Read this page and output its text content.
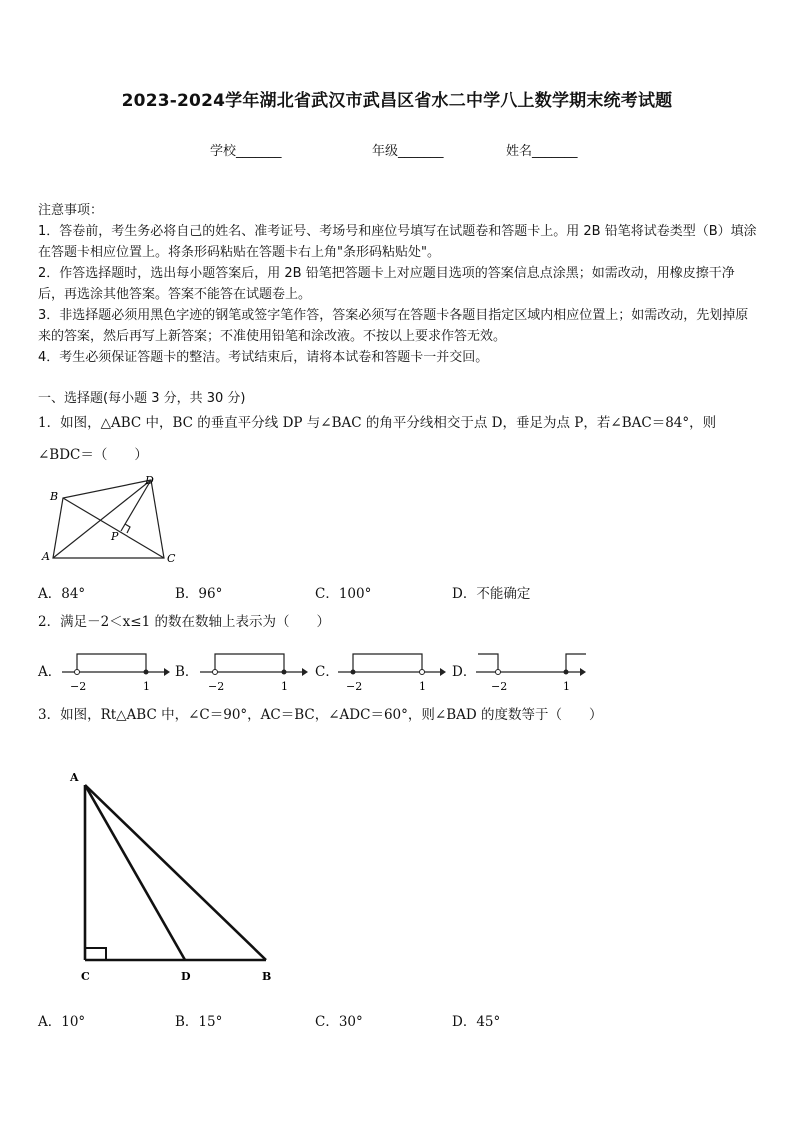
2023-2024学年湖北省武汉市武昌区省水二中学八上数学期末统考试题
学校_______	年级_______	姓名_______

注意事项：

1．答卷前，考生务必将自己的姓名、准考证号、考场号和座位号填写在试题卷和答题卡上。用 2B 铅笔将试卷类型（B）填涂在答题卡相应位置上。将条形码粘贴在答题卡右上角"条形码粘贴处"。

2．作答选择题时，选出每小题答案后，用 2B 铅笔把答题卡上对应题目选项的答案信息点涂黑；如需改动，用橡皮擦干净后，再选涂其他答案。答案不能答在试题卷上。

3．非选择题必须用黑色字迹的钢笔或签字笔作答，答案必须写在答题卡各题目指定区域内相应位置上；如需改动，先划掉原来的答案，然后再写上新答案；不准使用铅笔和涂改液。不按以上要求作答无效。

4．考生必须保证答题卡的整洁。考试结束后，请将本试卷和答题卡一并交回。

一、选择题(每小题 3 分，共 30 分)
1．如图，△ABC 中，BC 的垂直平分线 DP 与∠BAC 的角平分线相交于点 D，垂足为点 P，若∠BAC＝84°，则
∠BDC＝（　　）
A
B
C
D
P
A．84°	B．96°	C．100°	D．不能确定
2．满足－2＜x≤1 的数在数轴上表示为（　　）
A．
−2	1
B．
−2	1
C．
−2	1
D．
−2	1
3．如图，Rt△ABC 中，∠C＝90°，AC＝BC，∠ADC＝60°，则∠BAD 的度数等于（　　）
A
C	D	B
A．10°	B．15°	C．30°	D．45°
